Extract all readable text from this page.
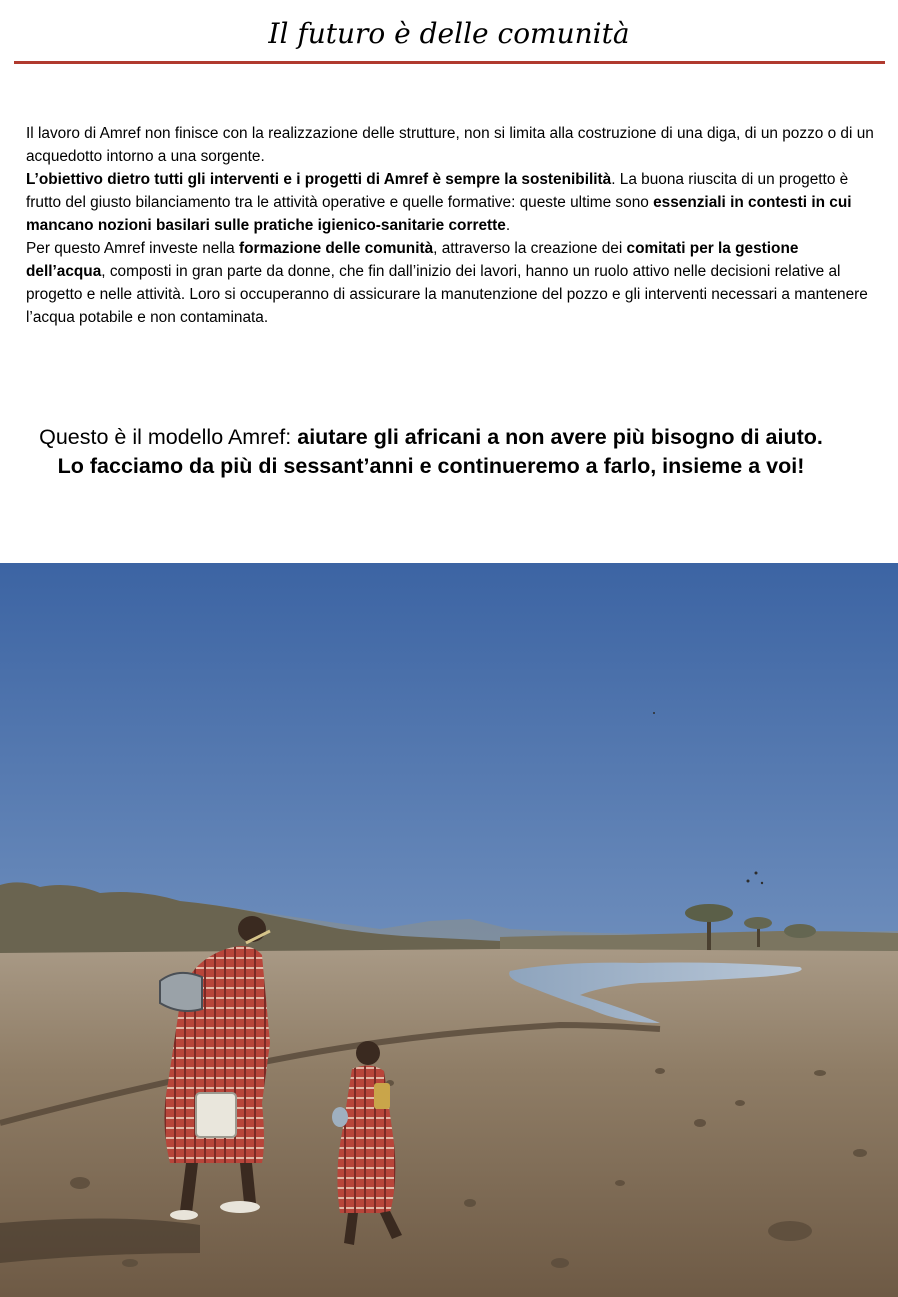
Il futuro è delle comunità

Il lavoro di Amref non finisce con la realizzazione delle strutture, non si limita alla costruzione di una diga, di un pozzo o di un acquedotto intorno a una sorgente.

L’obiettivo dietro tutti gli interventi e i progetti di Amref è sempre la sostenibilità. La buona riuscita di un progetto è frutto del giusto bilanciamento tra le attività operative e quelle formative: queste ultime sono essenziali in contesti in cui mancano nozioni basilari sulle pratiche igienico-sanitarie corrette.

Per questo Amref investe nella formazione delle comunità, attraverso la creazione dei comitati per la gestione dell’acqua, composti in gran parte da donne, che fin dall’inizio dei lavori, hanno un ruolo attivo nelle decisioni relative al progetto e nelle attività. Loro si occuperanno di assicurare la manutenzione del pozzo e gli interventi necessari a mantenere l’acqua potabile e non contaminata.

Questo è il modello Amref: aiutare gli africani a non avere più bisogno di aiuto.

Lo facciamo da più di sessant’anni e continueremo a farlo, insieme a voi!
